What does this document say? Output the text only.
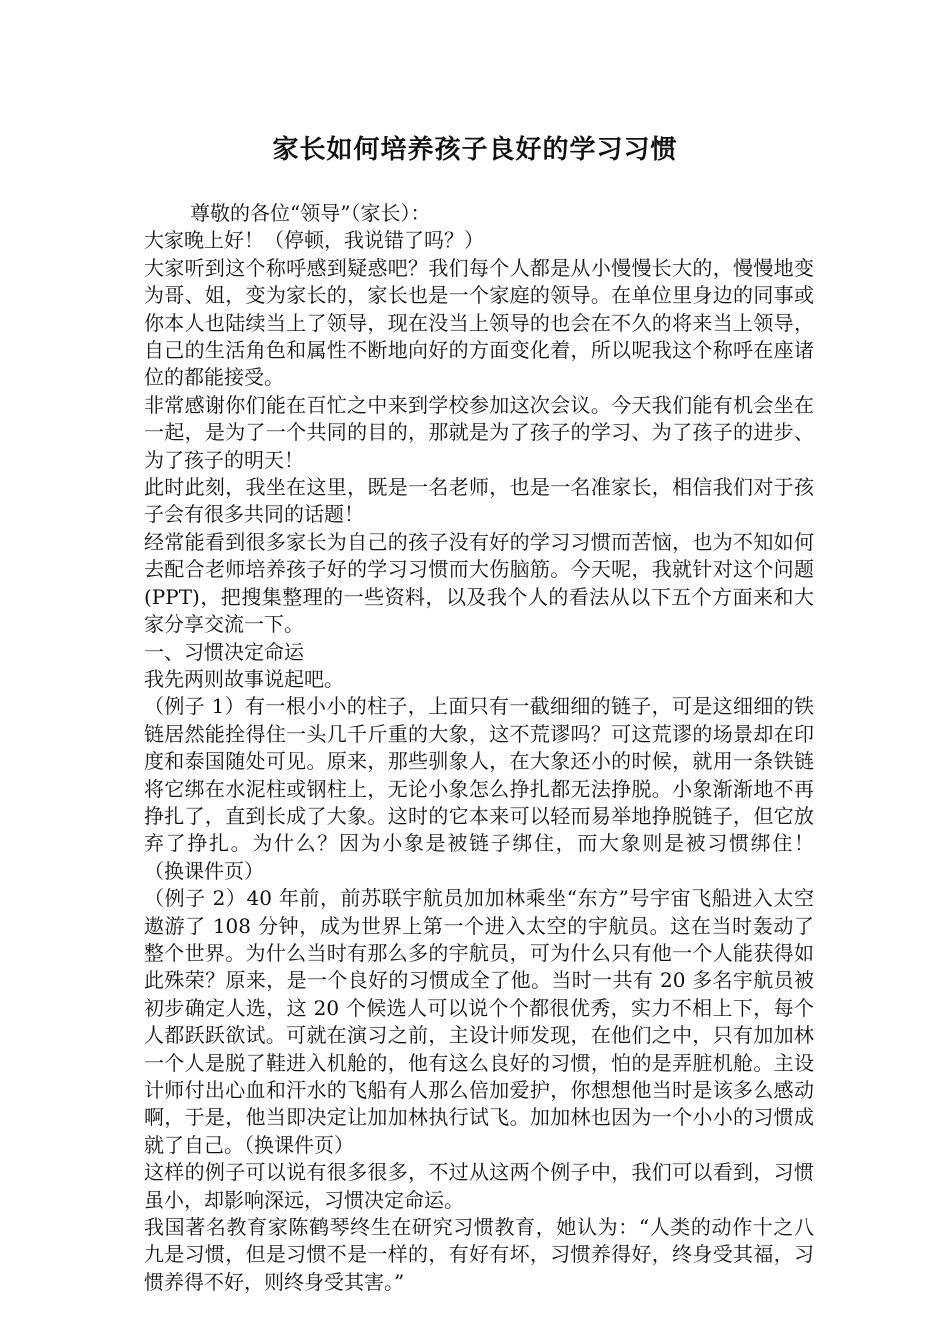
家长如何培养孩子良好的学习习惯

尊敬的各位“领导”（家长）：

大家晚上好！（停顿，我说错了吗？）

大家听到这个称呼感到疑惑吧？我们每个人都是从小慢慢长大的，慢慢地变为哥、姐，变为家长的，家长也是一个家庭的领导。在单位里身边的同事或你本人也陆续当上了领导，现在没当上领导的也会在不久的将来当上领导，自己的生活角色和属性不断地向好的方面变化着，所以呢我这个称呼在座诸位的都能接受。

非常感谢你们能在百忙之中来到学校参加这次会议。今天我们能有机会坐在一起，是为了一个共同的目的，那就是为了孩子的学习、为了孩子的进步、为了孩子的明天！

此时此刻，我坐在这里，既是一名老师，也是一名准家长，相信我们对于孩子会有很多共同的话题！

经常能看到很多家长为自己的孩子没有好的学习习惯而苦恼，也为不知如何去配合老师培养孩子好的学习习惯而大伤脑筋。今天呢，我就针对这个问题(PPT)，把搜集整理的一些资料，以及我个人的看法从以下五个方面来和大家分享交流一下。

一、习惯决定命运

我先两则故事说起吧。

（例子 1）有一根小小的柱子，上面只有一截细细的链子，可是这细细的铁链居然能拴得住一头几千斤重的大象，这不荒谬吗？可这荒谬的场景却在印度和泰国随处可见。原来，那些驯象人，在大象还小的时候，就用一条铁链将它绑在水泥柱或钢柱上，无论小象怎么挣扎都无法挣脱。小象渐渐地不再挣扎了，直到长成了大象。这时的它本来可以轻而易举地挣脱链子，但它放弃了挣扎。为什么？因为小象是被链子绑住，而大象则是被习惯绑住！　　（换课件页）

（例子 2）40 年前，前苏联宇航员加加林乘坐“东方”号宇宙飞船进入太空遨游了 108 分钟，成为世界上第一个进入太空的宇航员。这在当时轰动了整个世界。为什么当时有那么多的宇航员，可为什么只有他一个人能获得如此殊荣？原来，是一个良好的习惯成全了他。当时一共有 20 多名宇航员被初步确定人选，这 20 个候选人可以说个个都很优秀，实力不相上下，每个人都跃跃欲试。可就在演习之前，主设计师发现，在他们之中，只有加加林一个人是脱了鞋进入机舱的，他有这么良好的习惯，怕的是弄脏机舱。主设计师付出心血和汗水的飞船有人那么倍加爱护，你想想他当时是该多么感动啊，于是，他当即决定让加加林执行试飞。加加林也因为一个小小的习惯成就了自己。（换课件页）

这样的例子可以说有很多很多，不过从这两个例子中，我们可以看到，习惯虽小，却影响深远，习惯决定命运。

我国著名教育家陈鹤琴终生在研究习惯教育，她认为：“人类的动作十之八九是习惯，但是习惯不是一样的，有好有坏，习惯养得好，终身受其福，习惯养得不好，则终身受其害。”
